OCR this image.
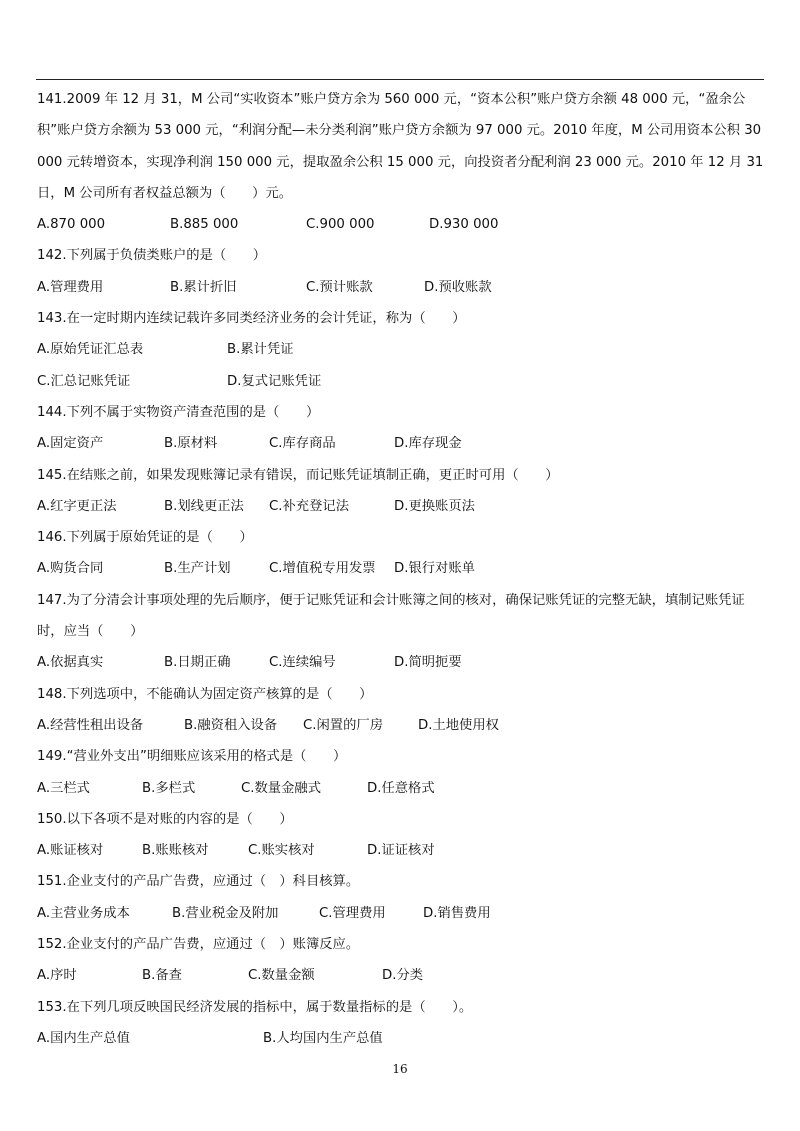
141.2009 年 12 月 31，M 公司“实收资本”账户贷方余为 560 000 元，“资本公积”账户贷方余额 48 000 元，“盈余公积”账户贷方余额为 53 000 元，“利润分配—未分类利润”账户贷方余额为 97 000 元。2010 年度，M 公司用资本公积 30 000 元转增资本，实现净利润 150 000 元，提取盈余公积 15 000 元，向投资者分配利润 23 000 元。2010 年 12 月 31 日，M 公司所有者权益总额为（　　）元。

A.870 000	B.885 000	C.900 000	D.930 000

142.下列属于负债类账户的是（　　）

A.管理费用	B.累计折旧	C.预计账款	D.预收账款

143.在一定时期内连续记载许多同类经济业务的会计凭证，称为（　　）

A.原始凭证汇总表	B.累计凭证
C.汇总记账凭证	D.复式记账凭证

144.下列不属于实物资产清查范围的是（　　）

A.固定资产	B.原材料	C.库存商品	D.库存现金

145.在结账之前，如果发现账簿记录有错误，而记账凭证填制正确，更正时可用（　　）

A.红字更正法	B.划线更正法 C.补充登记法	D.更换账页法

146.下列属于原始凭证的是（　　）

A.购货合同	B.生产计划	C.增值税专用发票 D.银行对账单

147.为了分清会计事项处理的先后顺序，便于记账凭证和会计账簿之间的核对，确保记账凭证的完整无缺，填制记账凭证时，应当（　　）

A.依据真实	B.日期正确	C.连续编号	D.简明扼要

148.下列选项中，不能确认为固定资产核算的是（　　）

A.经营性租出设备	B.融资租入设备 C.闲置的厂房	D.土地使用权

149.“营业外支出”明细账应该采用的格式是（　　）

A.三栏式	B.多栏式	C.数量金融式	D.任意格式

150.以下各项不是对账的内容的是（　　）

A.账证核对	B.账账核对	C.账实核对	D.证证核对

151.企业支付的产品广告费，应通过（　）科目核算。

A.主营业务成本	B.营业税金及附加	C.管理费用	D.销售费用

152.企业支付的产品广告费，应通过（　）账簿反应。

A.序时	B.备查	C.数量金额	D.分类

153.在下列几项反映国民经济发展的指标中，属于数量指标的是（　　）。

A.国内生产总值	B.人均国内生产总值
16
